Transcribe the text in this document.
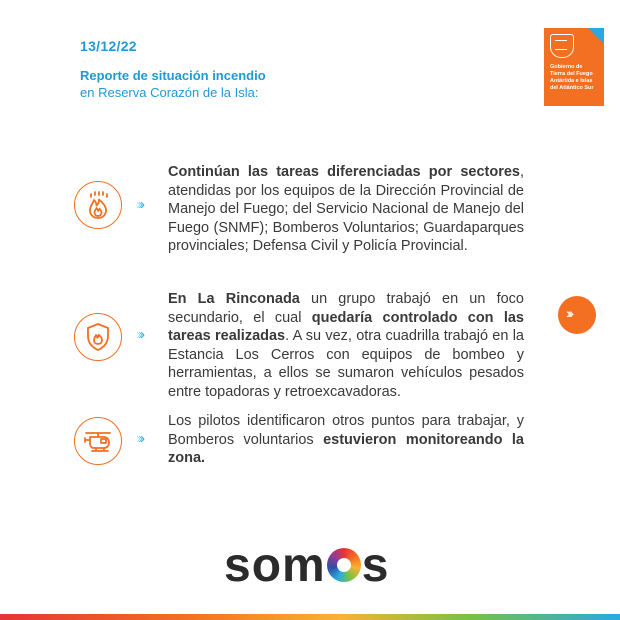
13/12/22
Reporte de situación incendio
en Reserva Corazón de la Isla:
Gobierno de
Tierra del Fuego
Antártida e Islas
del Atlántico Sur
›››
Continúan las tareas diferenciadas por sectores, atendidas por los equipos de la Dirección Provincial de Manejo del Fuego; del Servicio Nacional de Manejo del Fuego (SNMF); Bomberos Voluntarios; Guardaparques provinciales; Defensa Civil y Policía Provincial.
›››
En La Rinconada un grupo trabajó en un foco secundario, el cual quedaría controlado con las tareas realizadas. A su vez, otra cuadrilla trabajó en la Estancia Los Cerros con equipos de bombeo y herramientas, a ellos se sumaron vehículos pesados entre topadoras y retroexcavadoras.
›››
Los pilotos identificaron otros puntos para trabajar, y Bomberos voluntarios estuvieron monitoreando la zona.
›››
som s
